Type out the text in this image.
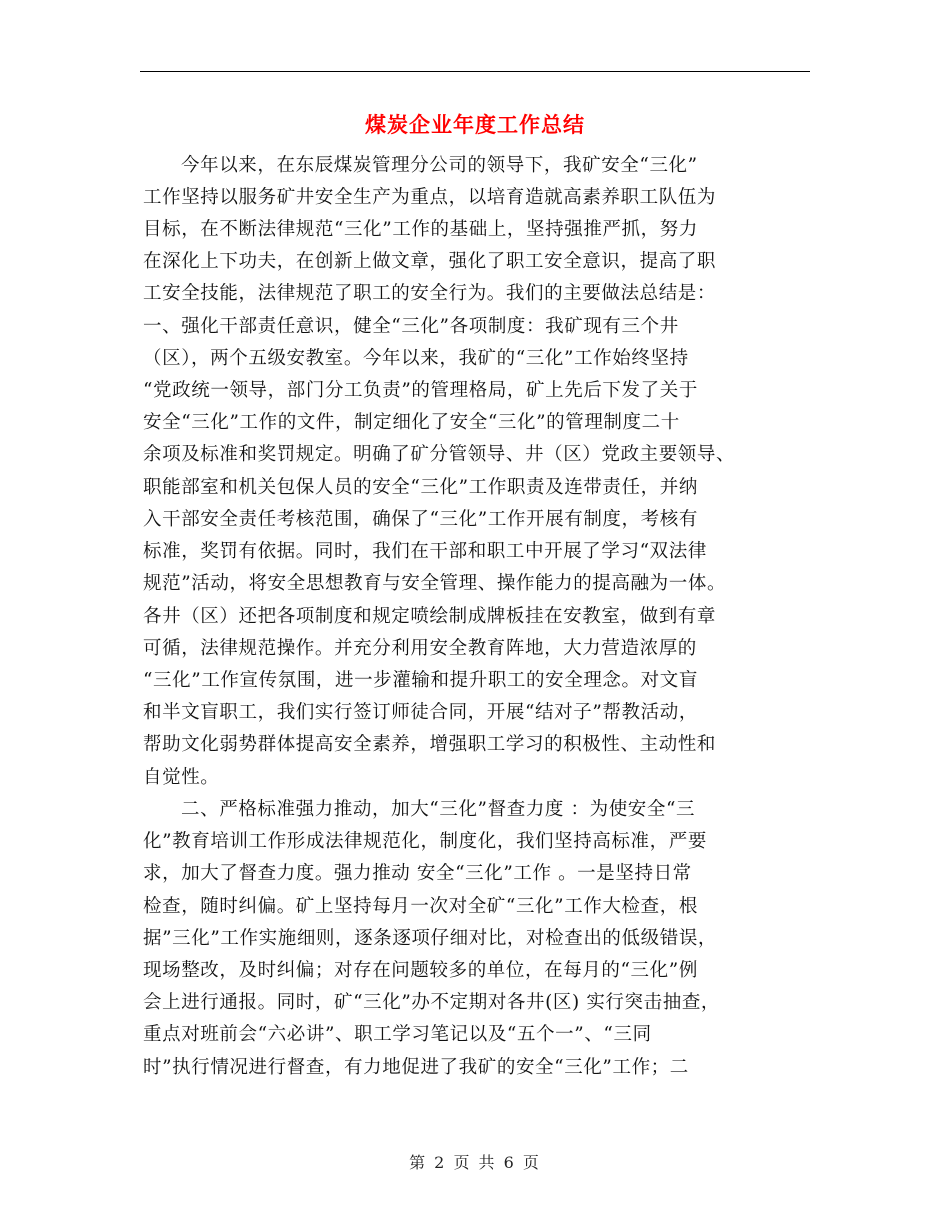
煤炭企业年度工作总结
今年以来，在东辰煤炭管理分公司的领导下，我矿安全“三化”
工作坚持以服务矿井安全生产为重点，以培育造就高素养职工队伍为
目标，在不断法律规范“三化”工作的基础上，坚持强推严抓，努力
在深化上下功夫，在创新上做文章，强化了职工安全意识，提高了职
工安全技能，法律规范了职工的安全行为。我们的主要做法总结是：
一、强化干部责任意识，健全“三化”各项制度：我矿现有三个井
（区），两个五级安教室。今年以来，我矿的“三化”工作始终坚持
“党政统一领导，部门分工负责”的管理格局，矿上先后下发了关于
安全“三化”工作的文件，制定细化了安全“三化”的管理制度二十
余项及标准和奖罚规定。明确了矿分管领导、井（区）党政主要领导、
职能部室和机关包保人员的安全“三化”工作职责及连带责任，并纳
入干部安全责任考核范围，确保了“三化”工作开展有制度，考核有
标准，奖罚有依据。同时，我们在干部和职工中开展了学习“双法律
规范”活动，将安全思想教育与安全管理、操作能力的提高融为一体。
各井（区）还把各项制度和规定喷绘制成牌板挂在安教室，做到有章
可循，法律规范操作。并充分利用安全教育阵地，大力营造浓厚的
“三化”工作宣传氛围，进一步灌输和提升职工的安全理念。对文盲
和半文盲职工，我们实行签订师徒合同，开展“结对子”帮教活动，
帮助文化弱势群体提高安全素养，增强职工学习的积极性、主动性和
自觉性。
二、严格标准强力推动，加大“三化”督查力度 ：为使安全“三
化”教育培训工作形成法律规范化，制度化，我们坚持高标准，严要
求，加大了督查力度。强力推动 安全“三化”工作 。一是坚持日常
检查，随时纠偏。矿上坚持每月一次对全矿“三化”工作大检查，根
据”三化”工作实施细则，逐条逐项仔细对比，对检查出的低级错误，
现场整改，及时纠偏；对存在问题较多的单位，在每月的“三化”例
会上进行通报。同时，矿“三化”办不定期对各井(区) 实行突击抽查，
重点对班前会“六必讲”、职工学习笔记以及“五个一”、“三同
时”执行情况进行督查，有力地促进了我矿的安全“三化”工作；二
第 2 页 共 6 页
